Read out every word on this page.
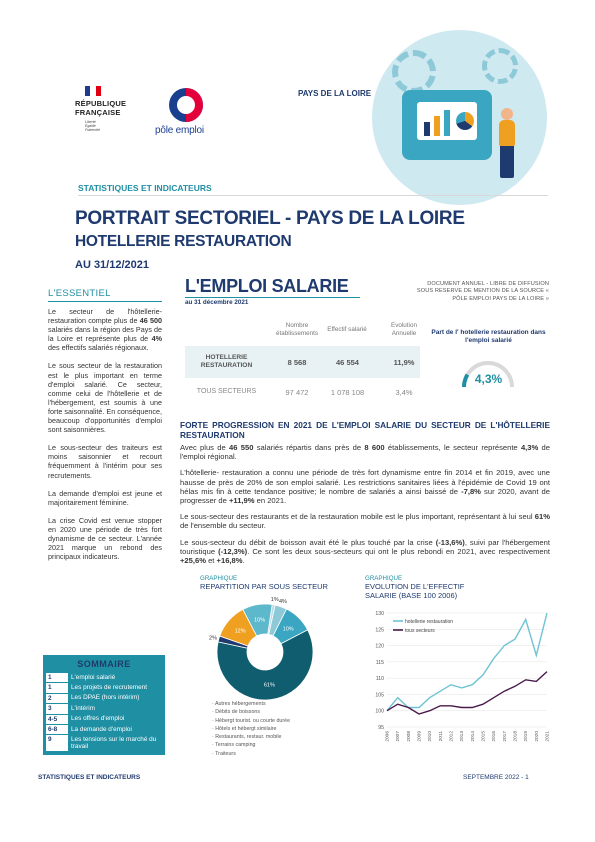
RÉPUBLIQUE
FRANÇAISE
Liberté
Égalité
Fraternité	pôle emploi
PAYS DE LA LOIRE
STATISTIQUES ET INDICATEURS
PORTRAIT SECTORIEL - PAYS DE LA LOIRE
HOTELLERIE RESTAURATION
AU 31/12/2021
L'ESSENTIEL

Le secteur de l'hôtellerie-restauration compte plus de 46 500 salariés dans la région des Pays de la Loire et représente plus de 4% des effectifs salariés régionaux.

Le sous secteur de la restauration est le plus important en terme d'emploi salarié. Ce secteur, comme celui de l'hôtellerie et de l'hébergement, est soumis à une forte saisonnalité. En conséquence, beaucoup d'opportunités d'emploi sont saisonnières.

Le sous-secteur des traiteurs est moins saisonnier et recourt fréquemment à l'intérim pour ses recrutements.

La demande d'emploi est jeune et majoritairement féminine.

La crise Covid est venue stopper en 2020 une période de très fort dynamisme de ce secteur. L'année 2021 marque un rebond des principaux indicateurs.

SOMMAIRE
1	L'emploi salarié
1	Les projets de recrutement
2	Les DPAE (hors intérim)
3	L'intérim
4-5	Les offres d'emploi
6-8	La demande d'emploi
9	Les tensions sur le marché du travail
L'EMPLOI SALARIE
au 31 décembre 2021
DOCUMENT ANNUEL - LIBRE DE DIFFUSION
SOUS RESERVE DE MENTION DE LA SOURCE «
PÔLE EMPLOI PAYS DE LA LOIRE »
Nombre établissements
Effectif salarié
Evolution Annuelle
HOTELLERIE RESTAURATION	8 568	46 554	11,9%
TOUS SECTEURS	97 472	1 078 108	3,4%
Part de l' hotellerie restauration dans l'emploi salarié
4,3%
FORTE PROGRESSION EN 2021 DE L'EMPLOI SALARIE DU SECTEUR DE L'HÔTELLERIE RESTAURATION

Avec plus de 46 550 salariés répartis dans près de 8 600 établissements, le secteur représente 4,3% de l'emploi régional.

L'hôtellerie- restauration a connu une période de très fort dynamisme entre fin 2014 et fin 2019, avec une hausse de près de 20% de son emploi salarié. Les restrictions sanitaires liées à l'épidémie de Covid 19 ont hélas mis fin à cette tendance positive; le nombre de salariés a ainsi baissé de -7,8% sur 2020, avant de progresser de +11,9% en 2021.

Le sous-secteur des restaurants et de la restauration mobile est le plus important, représentant à lui seul 61% de l'ensemble du secteur.

Le sous-secteur du débit de boisson avait été le plus touché par la crise (-13,6%), suivi par l'hébergement touristique (-12,3%). Ce sont les deux sous-secteurs qui ont le plus rebondi en 2021, avec respectivement +25,6% et +16,8%.

GRAPHIQUE
REPARTITION PAR SOUS SECTEUR
1% 4%
10%
61%
2%
12%
10%
· Autres hébergements
· Débits de boissons
· Hébergt tourist. ou courte durée
· Hôtels et hébergt similaire
· Restaurants, restaur. mobile
· Terrains camping
· Traiteurs
GRAPHIQUE
EVOLUTION DE L'EFFECTIF SALARIE (BASE 100 2006)
95
100
105
110
115
120
125
130
2006 2007 2008 2009 2010 2011 2012 2013 2014 2015 2016 2017 2018 2019 2020 2021
hotellerie restauration
tous secteurs
STATISTIQUES ET INDICATEURS	SEPTEMBRE 2022 - 1
